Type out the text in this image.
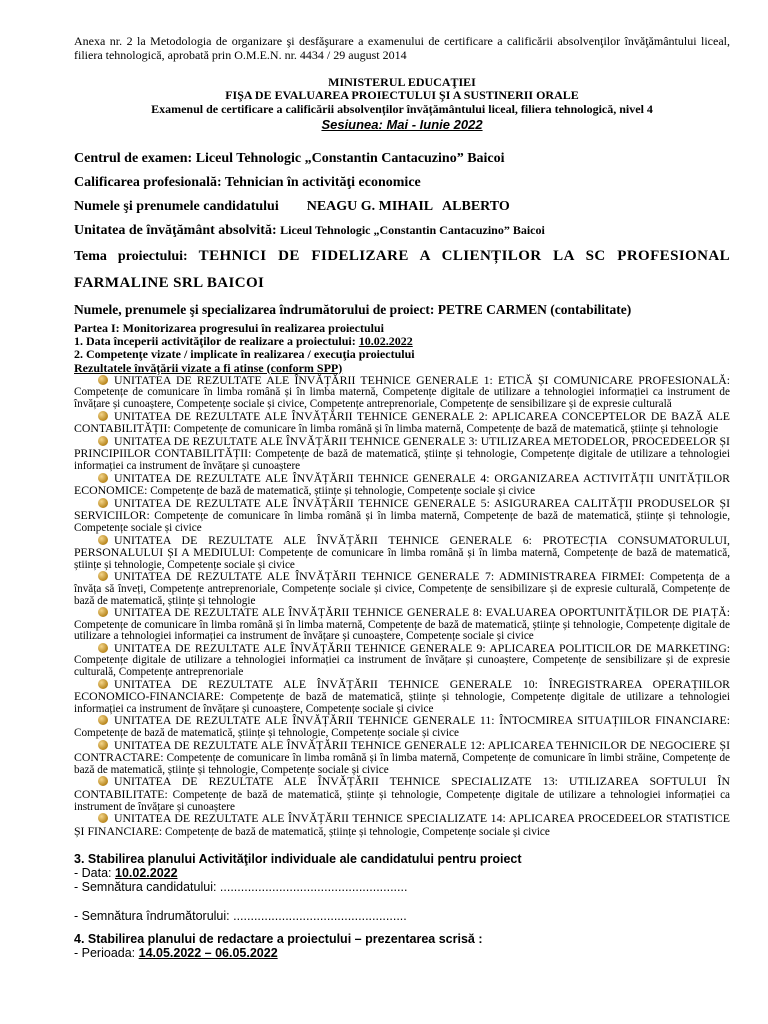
Anexa nr. 2 la Metodologia de organizare şi desfăşurare a examenului de certificare a calificării absolvenţilor învăţământului liceal, filiera tehnologică, aprobată prin O.M.E.N. nr. 4434 / 29 august 2014
MINISTERUL EDUCAŢIEI
FIŞA DE EVALUAREA PROIECTULUI ŞI A SUSTINERII ORALE
Examenul de certificare a calificării absolvenților învățământului liceal, filiera tehnologică, nivel 4
Sesiunea: Mai - Iunie 2022
Centrul de examen: Liceul Tehnologic „Constantin Cantacuzino” Baicoi
Calificarea profesională: Tehnician în activităţi economice
Numele şi prenumele candidatului NEAGU G. MIHAIL   ALBERTO
Unitatea de învăţământ absolvită: Liceul Tehnologic „Constantin Cantacuzino” Baicoi
Tema proiectului: TEHNICI DE FIDELIZARE A CLIENȚILOR LA SC PROFESIONAL FARMALINE SRL BAICOI
Numele, prenumele şi specializarea îndrumătorului de proiect: PETRE CARMEN (contabilitate)
Partea I: Monitorizarea progresului în realizarea proiectului
1. Data începerii activităţilor de realizare a proiectului: 10.02.2022
2. Competenţe vizate / implicate în realizarea / execuţia proiectului
Rezultatele învățării vizate a fi atinse (conform SPP)

UNITATEA DE REZULTATE ALE ÎNVĂȚĂRII TEHNICE GENERALE 1: ETICĂ ȘI COMUNICARE PROFESIONALĂ: Competențe de comunicare în limba română și în limba maternă, Competențe digitale de utilizare a tehnologiei informației ca instrument de învățare și cunoaștere, Competențe sociale și civice, Competențe antreprenoriale, Competențe de sensibilizare și de expresie culturală

UNITATEA DE REZULTATE ALE ÎNVĂȚĂRII TEHNICE GENERALE 2: APLICAREA CONCEPTELOR DE BAZĂ ALE CONTABILITĂȚII: Competențe de comunicare în limba română și în limba maternă, Competențe de bază de matematică, științe și tehnologie

UNITATEA DE REZULTATE ALE ÎNVĂȚĂRII TEHNICE GENERALE 3: UTILIZAREA METODELOR, PROCEDEELOR ȘI PRINCIPIILOR CONTABILITĂȚII: Competențe de bază de matematică, științe și tehnologie, Competențe digitale de utilizare a tehnologiei informației ca instrument de învățare și cunoaștere

UNITATEA DE REZULTATE ALE ÎNVĂȚĂRII TEHNICE GENERALE 4: ORGANIZAREA ACTIVITĂȚII UNITĂȚILOR ECONOMICE: Competențe de bază de matematică, științe și tehnologie, Competențe sociale și civice

UNITATEA DE REZULTATE ALE ÎNVĂȚĂRII TEHNICE GENERALE 5: ASIGURAREA CALITĂȚII PRODUSELOR ȘI SERVICIILOR: Competențe de comunicare în limba română și în limba maternă, Competențe de bază de matematică, științe și tehnologie, Competențe sociale și civice

UNITATEA DE REZULTATE ALE ÎNVĂȚĂRII TEHNICE GENERALE 6: PROTECȚIA CONSUMATORULUI, PERSONALULUI ȘI A MEDIULUI: Competențe de comunicare în limba română și în limba maternă, Competențe de bază de matematică, științe și tehnologie, Competențe sociale și civice

UNITATEA DE REZULTATE ALE ÎNVĂȚĂRII TEHNICE GENERALE 7: ADMINISTRAREA FIRMEI: Competența de a învăța să înveți, Competențe antreprenoriale, Competențe sociale și civice, Competențe de sensibilizare și de expresie culturală, Competențe de bază de matematică, științe și tehnologie

UNITATEA DE REZULTATE ALE ÎNVĂȚĂRII TEHNICE GENERALE 8: EVALUAREA OPORTUNITĂȚILOR DE PIAȚĂ: Competențe de comunicare în limba română și în limba maternă, Competențe de bază de matematică, științe și tehnologie, Competențe digitale de utilizare a tehnologiei informației ca instrument de învățare și cunoaștere, Competențe sociale și civice

UNITATEA DE REZULTATE ALE ÎNVĂȚĂRII TEHNICE GENERALE 9: APLICAREA POLITICILOR DE MARKETING: Competențe digitale de utilizare a tehnologiei informației ca instrument de învățare și cunoaștere, Competențe de sensibilizare și de expresie culturală, Competențe antreprenoriale

UNITATEA DE REZULTATE ALE ÎNVĂȚĂRII TEHNICE GENERALE 10: ÎNREGISTRAREA OPERAȚIILOR ECONOMICO-FINANCIARE: Competențe de bază de matematică, științe și tehnologie, Competențe digitale de utilizare a tehnologiei informației ca instrument de învățare și cunoaștere, Competențe sociale și civice

UNITATEA DE REZULTATE ALE ÎNVĂȚĂRII TEHNICE GENERALE 11: ÎNTOCMIREA SITUAȚIILOR FINANCIARE: Competențe de bază de matematică, științe și tehnologie, Competențe sociale și civice

UNITATEA DE REZULTATE ALE ÎNVĂȚĂRII TEHNICE GENERALE 12: APLICAREA TEHNICILOR DE NEGOCIERE ȘI CONTRACTARE: Competențe de comunicare în limba română și în limba maternă, Competențe de comunicare în limbi străine, Competențe de bază de matematică, științe și tehnologie, Competențe sociale și civice

UNITATEA DE REZULTATE ALE ÎNVĂȚĂRII TEHNICE SPECIALIZATE 13: UTILIZAREA SOFTULUI ÎN CONTABILITATE: Competențe de bază de matematică, științe și tehnologie, Competențe digitale de utilizare a tehnologiei informației ca instrument de învățare și cunoaștere

UNITATEA DE REZULTATE ALE ÎNVĂȚĂRII TEHNICE SPECIALIZATE 14: APLICAREA PROCEDEELOR STATISTICE ȘI FINANCIARE: Competențe de bază de matematică, științe și tehnologie, Competențe sociale și civice

3. Stabilirea planului Activităţilor individuale ale candidatului pentru proiect
- Data: 10.02.2022
- Semnătura candidatului: ......................................................
- Semnătura îndrumătorului: ..................................................
4. Stabilirea planului de redactare a proiectului – prezentarea scrisă :
- Perioada: 14.05.2022 – 06.05.2022
